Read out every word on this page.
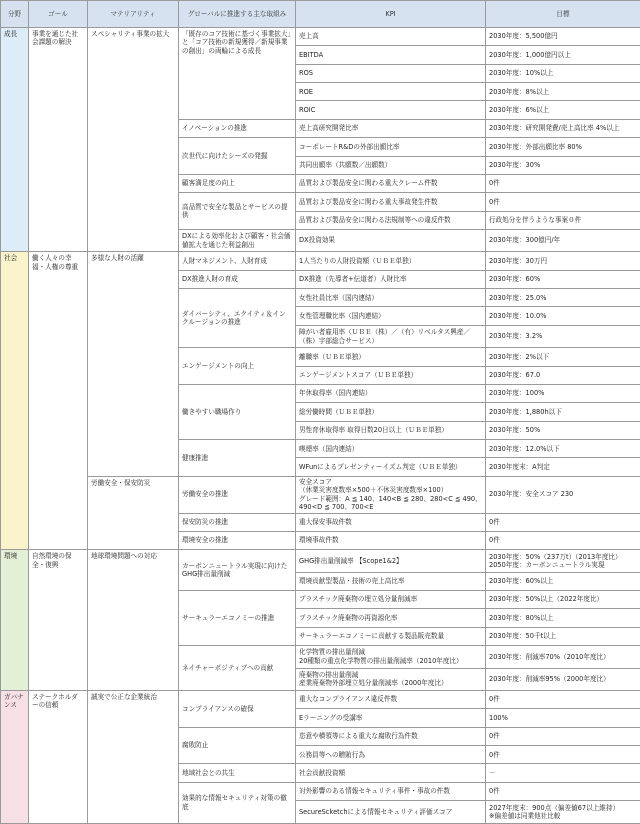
分野	ゴール	マテリアリティ	グローバルに推進する主な取組み	KPI	目標
成長	事業を通じた社会課題の解決	スペシャリティ事業の拡大	「既存のコア技術に基づく事業拡大」と「コア技術の新規獲得／新規事業の創出」の両輪による成長	売上高	2030年度：5,500億円
				EBITDA	2030年度：1,000億円以上
				ROS	2030年度：10%以上
				ROE	2030年度：8%以上
				ROIC	2030年度：6%以上
			イノベーションの推進	売上高研究開発比率	2030年度：研究開発費/売上高比率 4%以上
			次世代に向けたシーズの発掘	コーポレートR&Dの外部出願比率	2030年度：外部出願比率 80%
				共同出願率（共願数／出願数）	2030年度：30%
			顧客満足度の向上	品質および製品安全に関わる重大クレーム件数	0件
			高品質で安全な製品とサービスの提供	品質および製品安全に関わる重大事故発生件数	0件
				品質および製品安全に関わる法規制等への違反件数	行政処分を伴うような事案０件
			DXによる効率化および顧客・社会価値拡大を通じた利益創出	DX投資効果	2030年度：300億円/年
社会	働く人々の幸福・人権の尊重	多様な人財の活躍	人財マネジメント、人財育成	1人当たりの人財投資額（ＵＢＥ単独）	2030年度：30万円
			DX推進人財の育成	DX推進（先導者+伝道者）人財比率	2030年度：60%
			ダイバーシティ、エクイティ＆インクルージョンの推進	女性社員比率（国内連結）	2030年度：25.0%
				女性管理職比率（国内連結）	2030年度：10.0%
				障がい者雇用率（ＵＢＥ（株）／（有）リベルタス興産／（株）宇部総合サービス）	2030年度：3.2%
			エンゲージメントの向上	離職率（ＵＢＥ単独）	2030年度：2%以下
				エンゲージメントスコア（ＵＢＥ単独）	2030年度：67.0
			働きやすい職場作り	年休取得率（国内連結）	2030年度：100%
				総労働時間（ＵＢＥ単独）	2030年度：1,880h以下
				男性育休取得率 取得日数20日以上（ＵＢＥ単独）	2030年度：50%
			健康推進	喫煙率（国内連結）	2030年度：12.0%以下
				WFunによるプレゼンティーイズム判定（ＵＢＥ単独）	2030年度末：A判定
		労働安全・保安防災	労働安全の推進	安全スコア
（休業災害度数率×500＋不休災害度数率×100）
グレード範囲：A ≦ 140、140<B ≦ 280、280<C ≦ 490、490<D ≦ 700、700<E	2030年度：安全スコア 230
			保安防災の推進	重大保安事故件数	0件
			環境安全の推進	環境事故件数	0件
環境	自然環境の保全・復興	地球環境問題への対応	カーボンニュートラル実現に向けたGHG排出量削減	GHG排出量削減率 【Scope1&2】	2030年度：50%（237万t）（2013年度比）
2050年度：カーボンニュートラル実現

				環境貢献型製品・技術の売上高比率	2030年度：60%以上
			サーキュラーエコノミーの推進	プラスチック廃棄物の埋立処分量削減率	2030年度：50%以上（2022年度比）
				プラスチック廃棄物の再資源化率	2030年度：80%以上
				サーキュラーエコノミーに貢献する製品販売数量	2030年度：50千t以上
			ネイチャーポジティブへの貢献	化学物質の排出量削減
20種類の重点化学物質の排出量削減率（2010年度比）	2030年度：削減率70%（2010年度比）

				廃棄物の排出量削減
産業廃棄物外部埋立処分量削減率（2000年度比）	2030年度：削減率95%（2000年度比）
ガバナンス	ステークホルダーの信頼	誠実で公正な企業統治	コンプライアンスの確保	重大なコンプライアンス違反件数	0件
				Eラーニングの受講率	100%
			腐敗防止	恣意や横領等による重大な腐敗行為件数	0件
				公務員等への贈賄行為	0件
			地域社会との共生	社会貢献投資額	－
			効果的な情報セキュリティ対策の徹底	対外影響のある情報セキュリティ事件・事故の件数	0件
				SecureScketchによる情報セキュリティ評価スコア	2027年度末：900点（偏差値67以上維持）
※偏差値は同業他社比較
